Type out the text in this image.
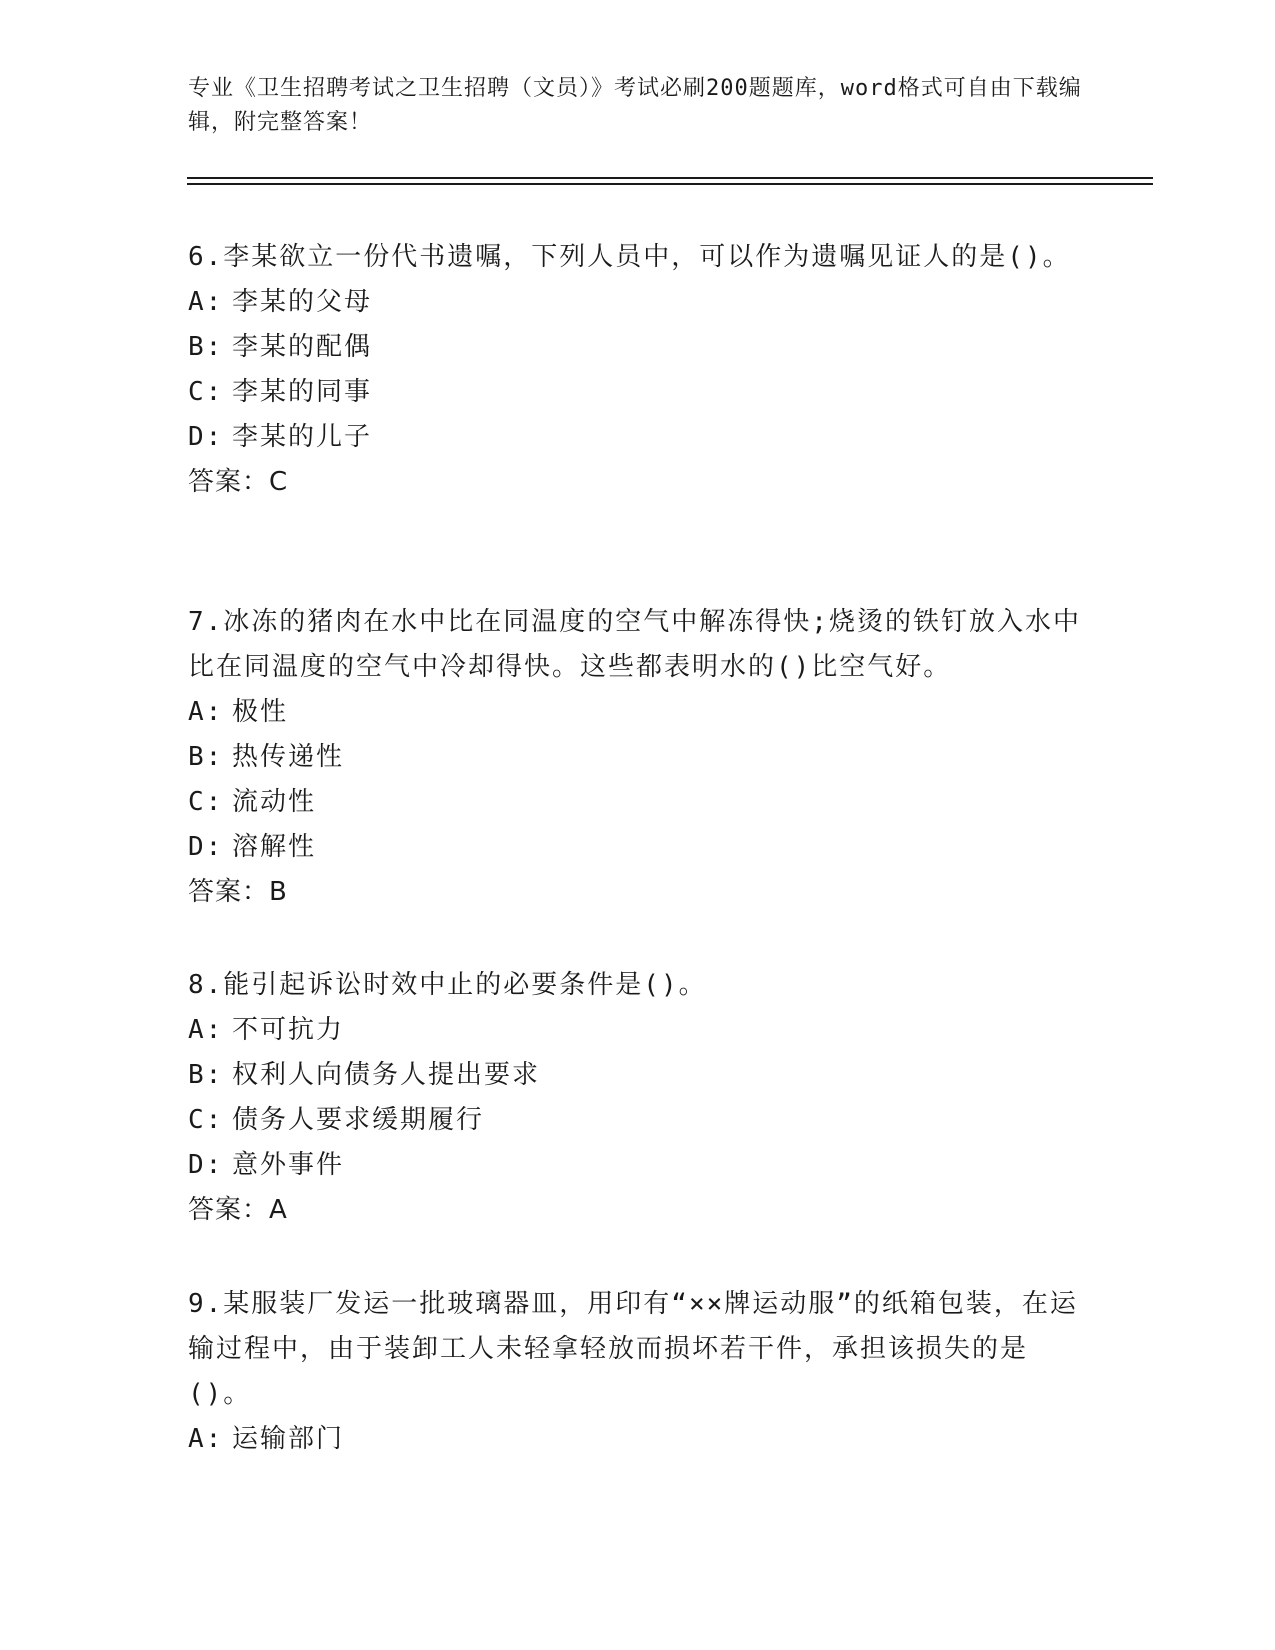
专业《卫生招聘考试之卫生招聘（文员）》考试必刷200题题库，word格式可自由下载编辑，附完整答案！

6.李某欲立一份代书遗嘱，下列人员中，可以作为遗嘱见证人的是()。

A: 李某的父母

B: 李某的配偶

C: 李某的同事

D: 李某的儿子

答案：C

7.冰冻的猪肉在水中比在同温度的空气中解冻得快;烧烫的铁钉放入水中比在同温度的空气中冷却得快。这些都表明水的()比空气好。

A: 极性

B: 热传递性

C: 流动性

D: 溶解性

答案：B

8.能引起诉讼时效中止的必要条件是()。

A: 不可抗力

B: 权利人向债务人提出要求

C: 债务人要求缓期履行

D: 意外事件

答案：A

9.某服装厂发运一批玻璃器皿，用印有“××牌运动服”的纸箱包装，在运输过程中，由于装卸工人未轻拿轻放而损坏若干件，承担该损失的是()。

A: 运输部门
